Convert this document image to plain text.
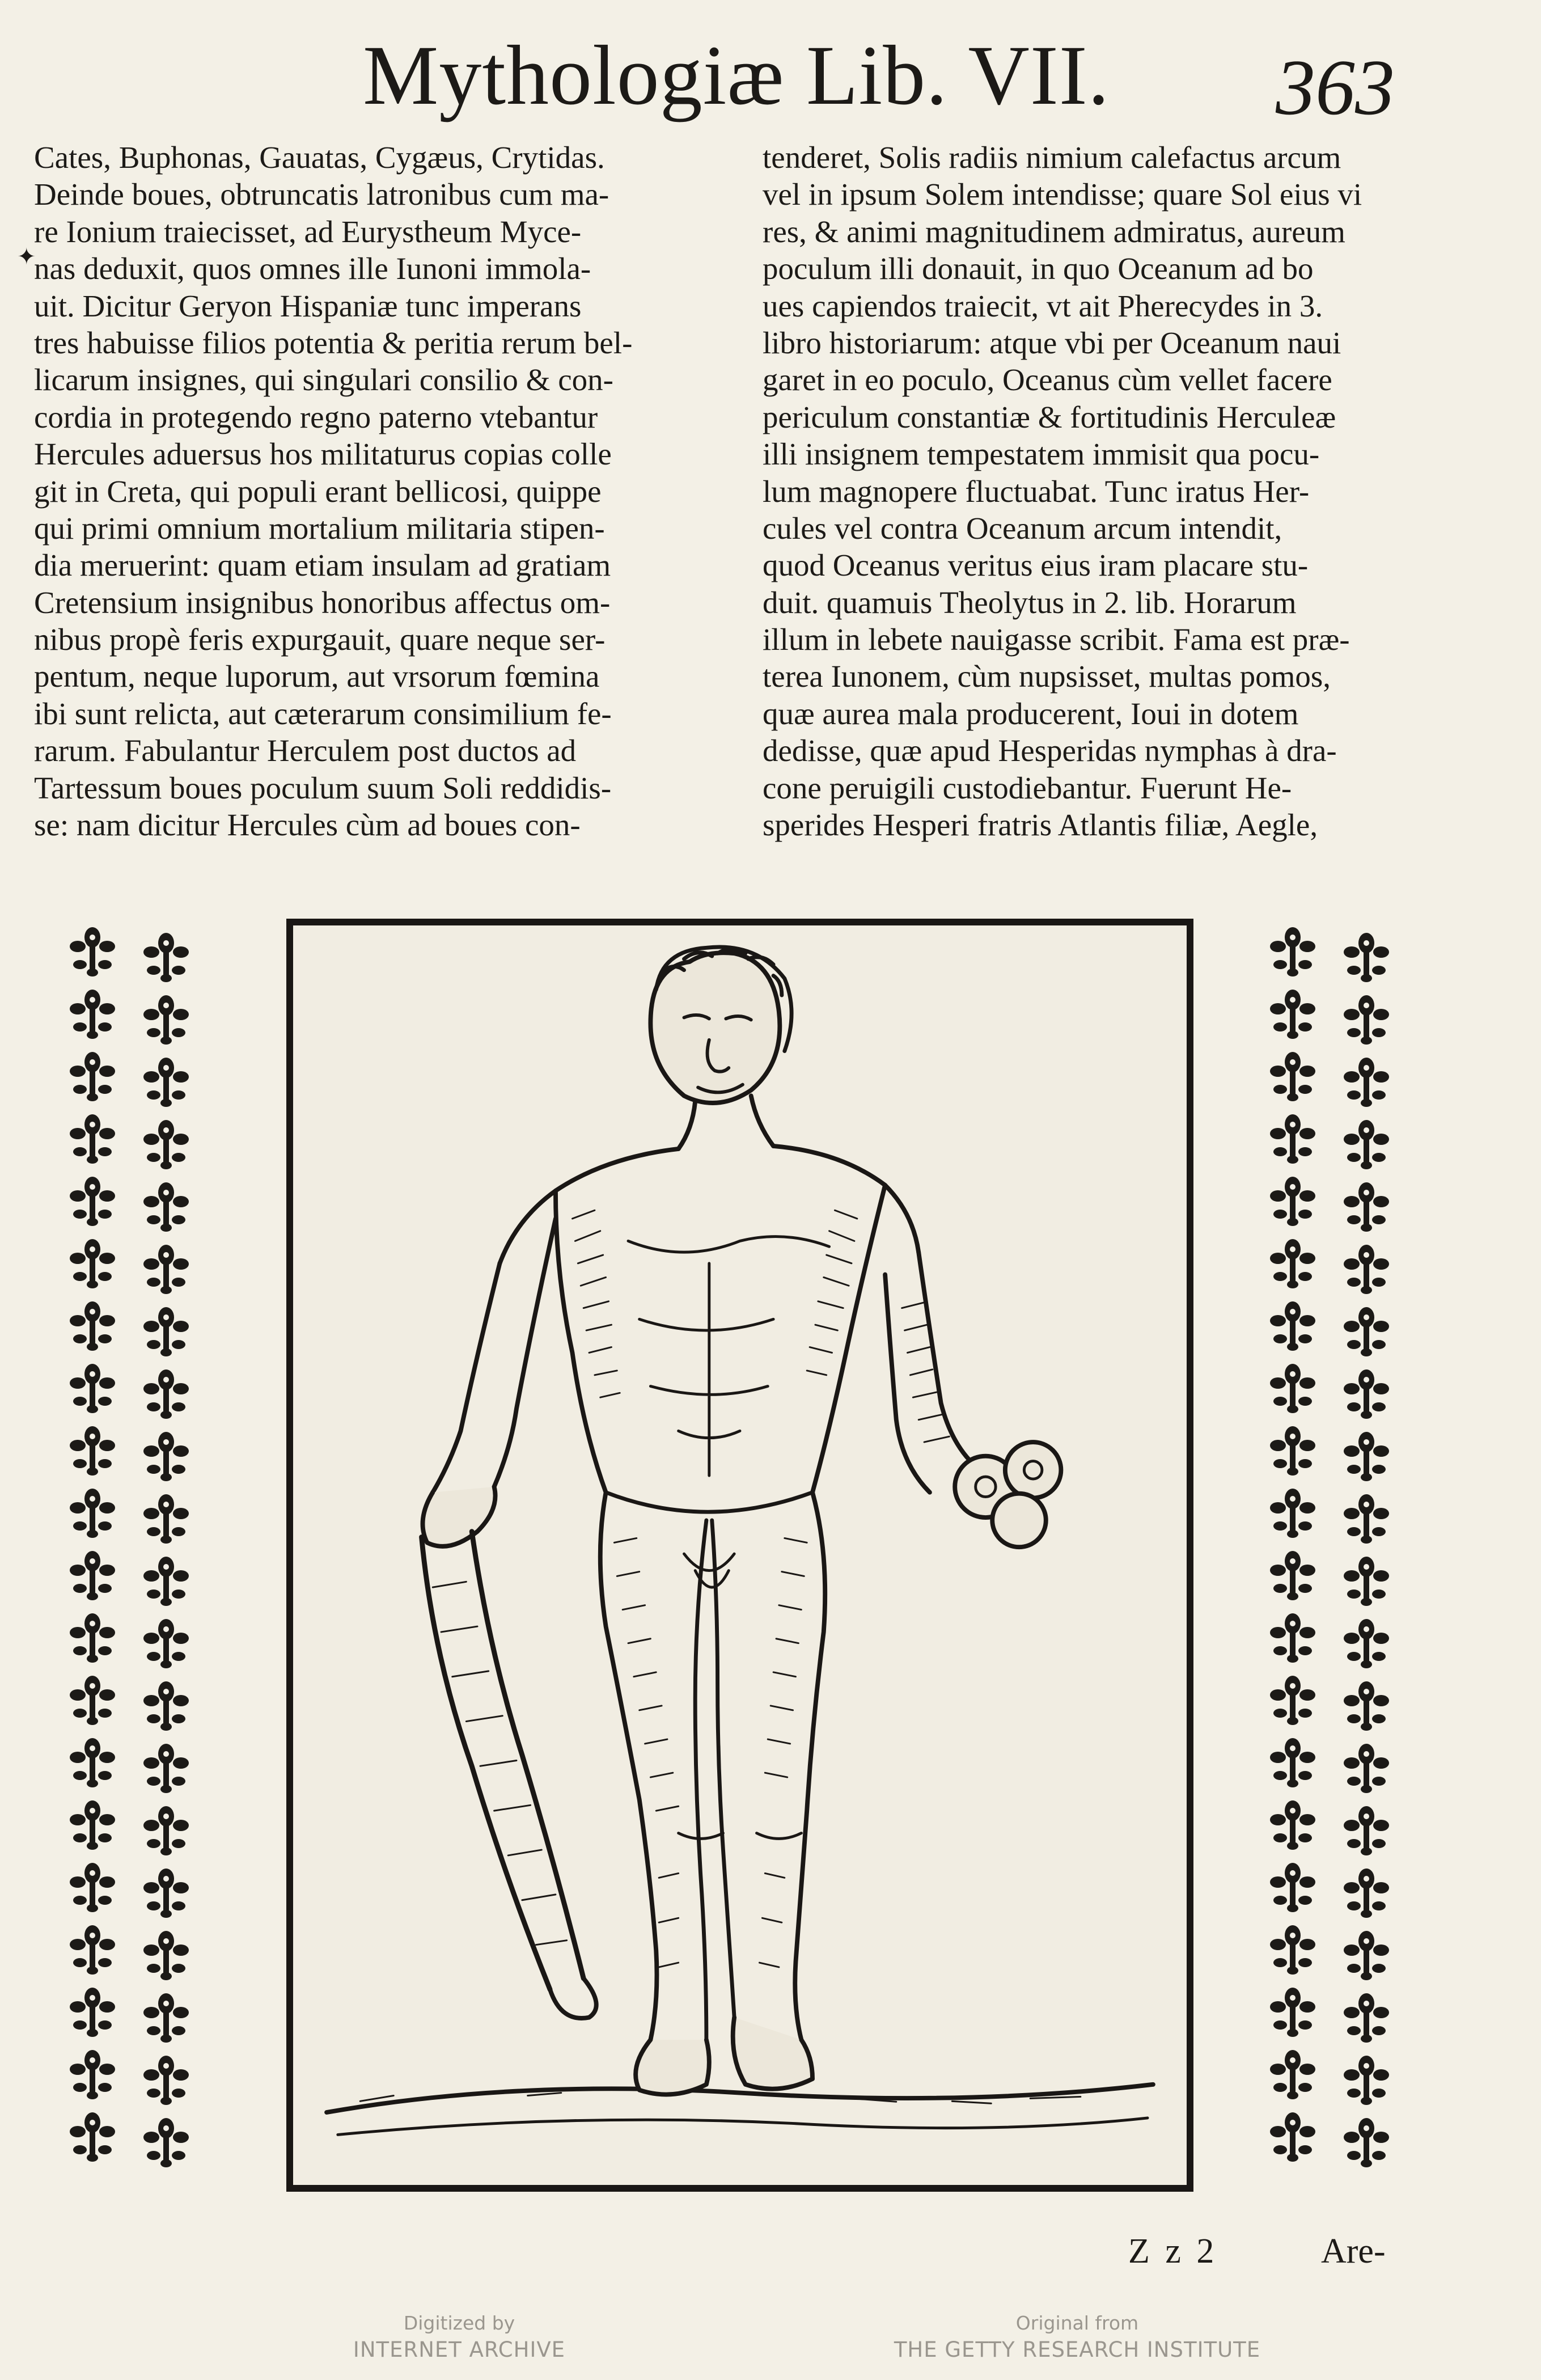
Mythologiæ Lib. VII. 363
✦
Cates, Buphonas, Gauatas, Cygæus, Crytidas.
Deinde boues, obtruncatis latronibus cum ma-
re Ionium traiecisset, ad Eurystheum Myce-
nas deduxit, quos omnes ille Iunoni immola-
uit. Dicitur Geryon Hispaniæ tunc imperans
tres habuisse filios potentia & peritia rerum bel-
licarum insignes, qui singulari consilio & con-
cordia in protegendo regno paterno vtebantur
Hercules aduersus hos militaturus copias colle
git in Creta, qui populi erant bellicosi, quippe
qui primi omnium mortalium militaria stipen-
dia meruerint: quam etiam insulam ad gratiam
Cretensium insignibus honoribus affectus om-
nibus propè feris expurgauit, quare neque ser-
pentum, neque luporum, aut vrsorum fœmina
ibi sunt relicta, aut cæterarum consimilium fe-
rarum. Fabulantur Herculem post ductos ad
Tartessum boues poculum suum Soli reddidis-
se: nam dicitur Hercules cùm ad boues con-
tenderet, Solis radiis nimium calefactus arcum
vel in ipsum Solem intendisse; quare Sol eius vi
res, & animi magnitudinem admiratus, aureum
poculum illi donauit, in quo Oceanum ad bo
ues capiendos traiecit, vt ait Pherecydes in 3.
libro historiarum: atque vbi per Oceanum naui
garet in eo poculo, Oceanus cùm vellet facere
periculum constantiæ & fortitudinis Herculeæ
illi insignem tempestatem immisit qua pocu-
lum magnopere fluctuabat. Tunc iratus Her-
cules vel contra Oceanum arcum intendit,
quod Oceanus veritus eius iram placare stu-
duit. quamuis Theolytus in 2. lib. Horarum
illum in lebete nauigasse scribit. Fama est præ-
terea Iunonem, cùm nupsisset, multas pomos,
quæ aurea mala producerent, Ioui in dotem
dedisse, quæ apud Hesperidas nymphas à dra-
cone peruigili custodiebantur. Fuerunt He-
sperides Hesperi fratris Atlantis filiæ, Aegle,
Z z 2	Are-
Digitized by
INTERNET ARCHIVE
Original from
THE GETTY RESEARCH INSTITUTE
